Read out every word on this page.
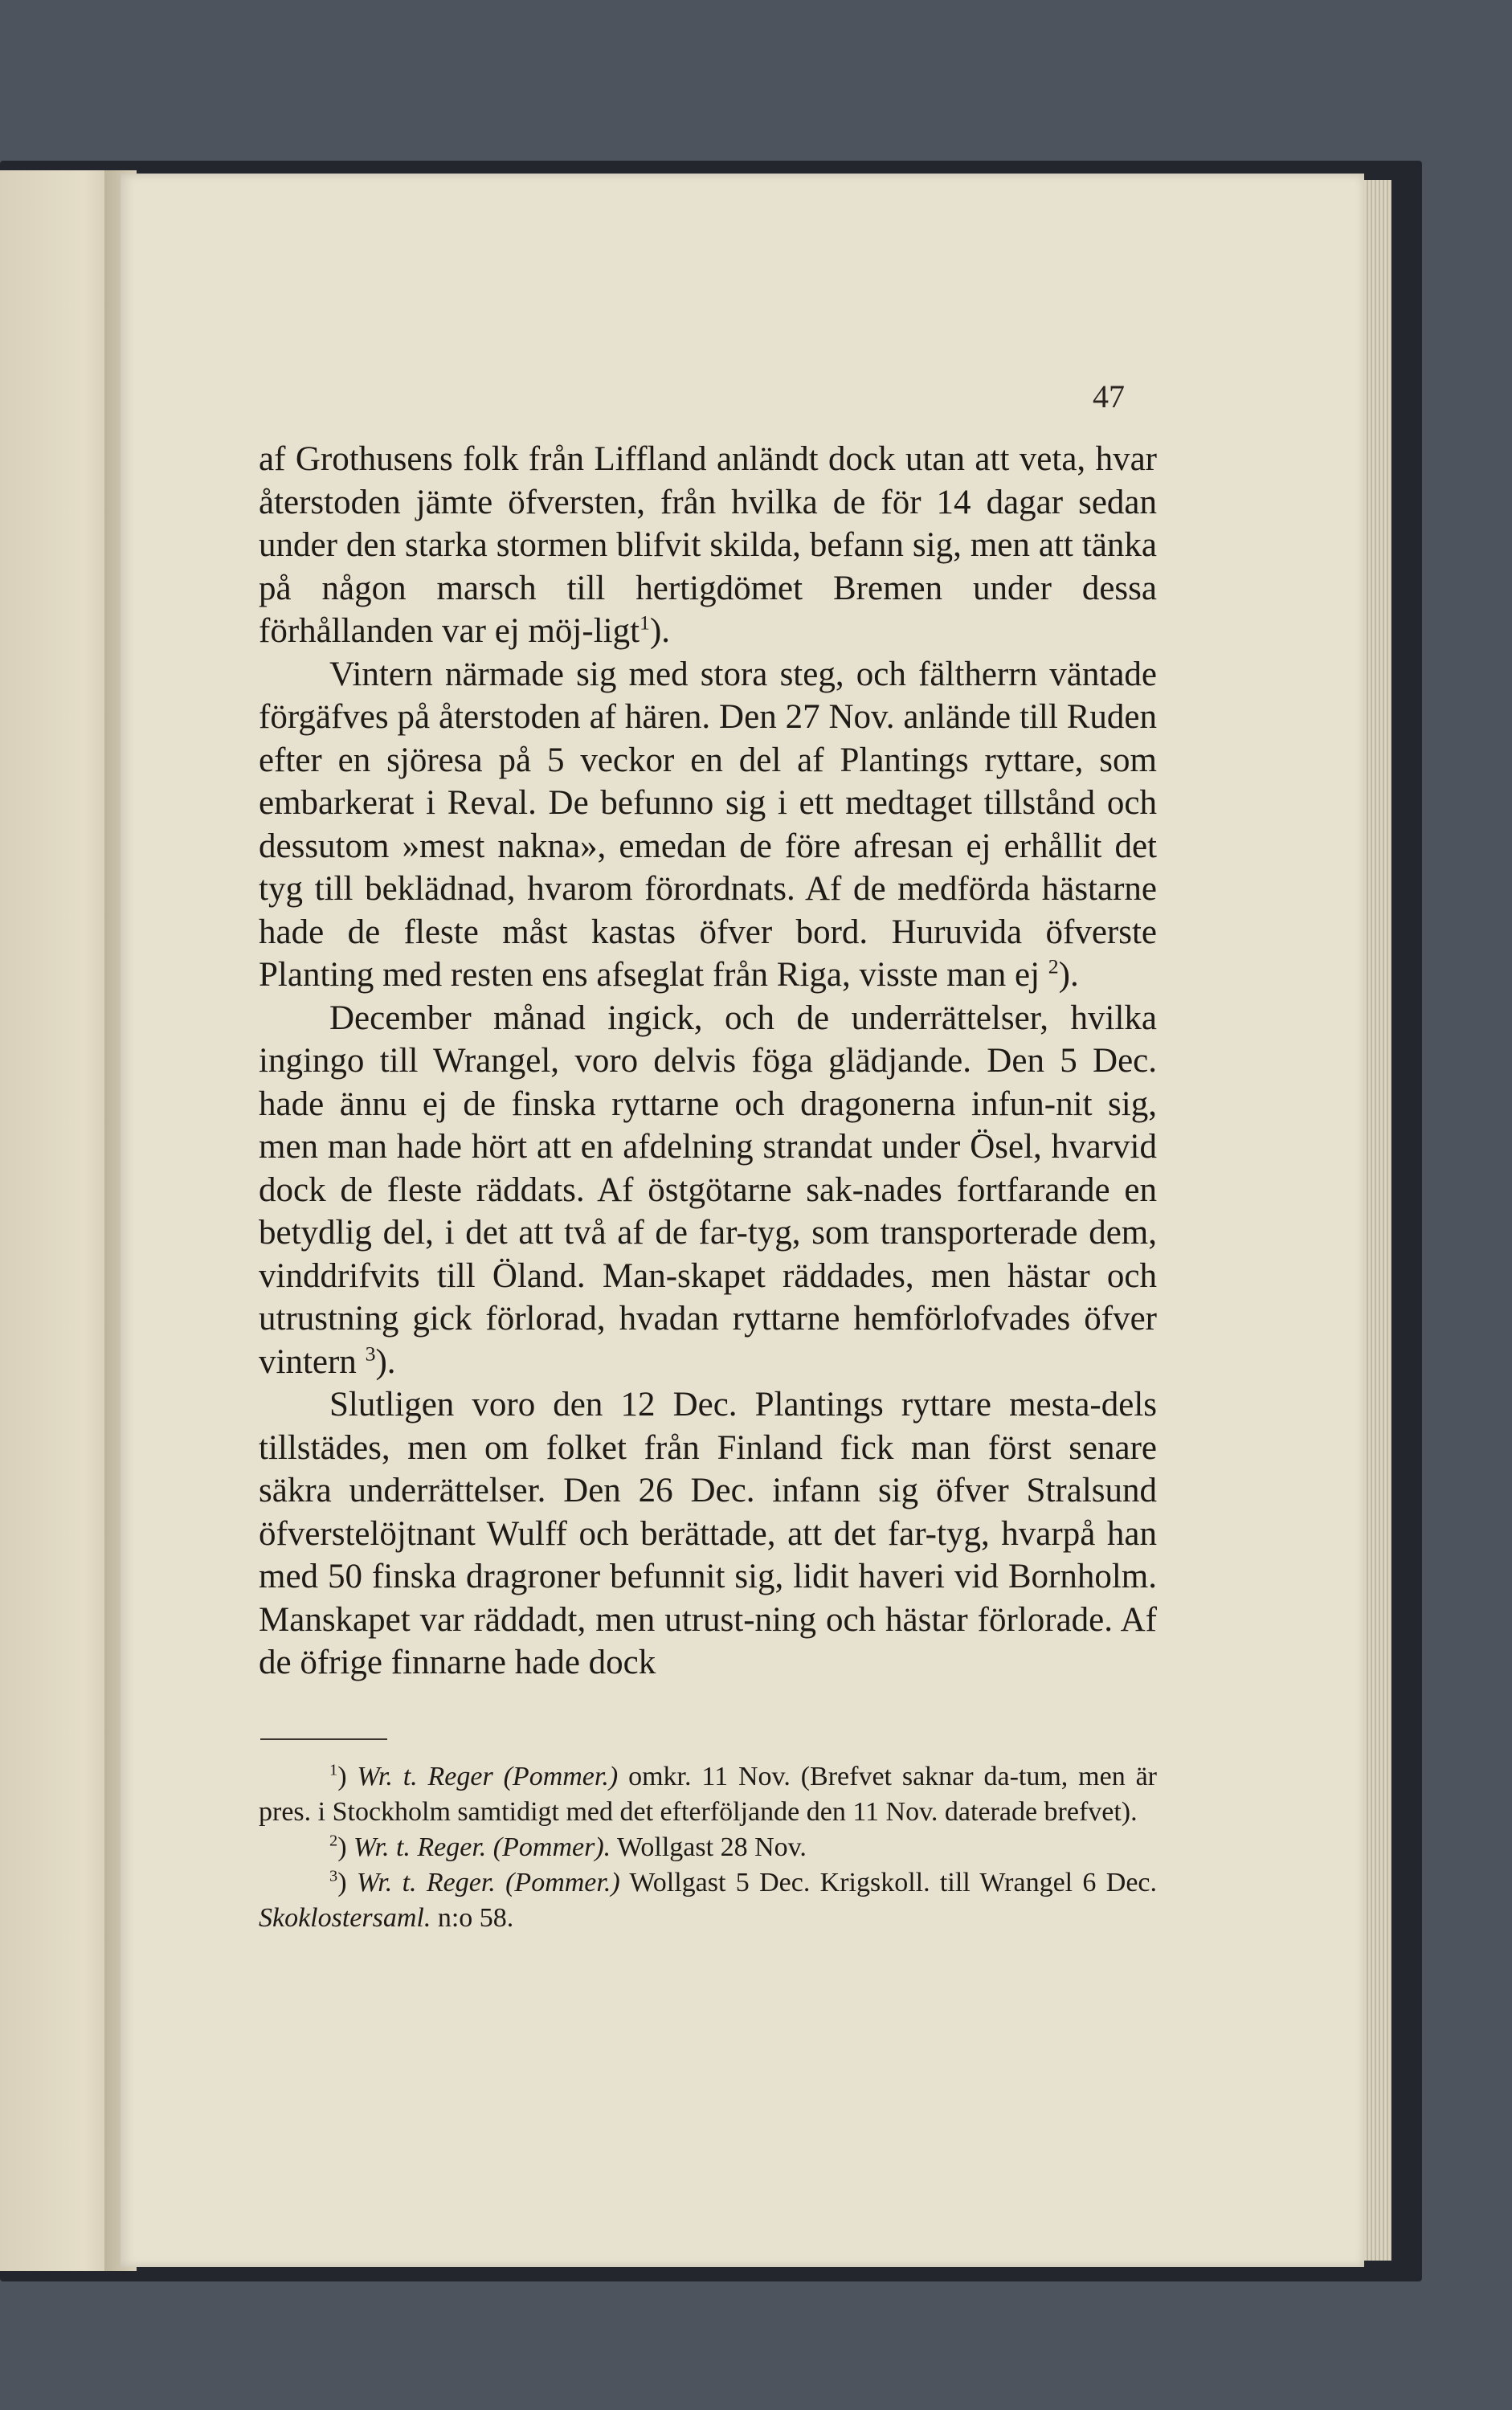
47

af Grothusens folk från Liffland anländt dock utan att veta, hvar återstoden jämte öfversten, från hvilka de för 14 dagar sedan under den starka stormen blifvit skilda, befann sig, men att tänka på någon marsch till hertigdömet Bremen under dessa förhållanden var ej möj-ligt$^1$).

Vintern närmade sig med stora steg, och fältherrn väntade förgäfves på återstoden af hären. Den 27 Nov. anlände till Ruden efter en sjöresa på 5 veckor en del af Plantings ryttare, som embarkerat i Reval. De befunno sig i ett medtaget tillstånd och dessutom »mest nakna», emedan de före afresan ej erhållit det tyg till beklädnad, hvarom förordnats. Af de medförda hästarne hade de fleste måst kastas öfver bord. Huruvida öfverste Planting med resten ens afseglat från Riga, visste man ej $^2$).

December månad ingick, och de underrättelser, hvilka ingingo till Wrangel, voro delvis föga glädjande. Den 5 Dec. hade ännu ej de finska ryttarne och dragonerna infun-nit sig, men man hade hört att en afdelning strandat under Ösel, hvarvid dock de fleste räddats. Af östgötarne sak-nades fortfarande en betydlig del, i det att två af de far-tyg, som transporterade dem, vinddrifvits till Öland. Man-skapet räddades, men hästar och utrustning gick förlorad, hvadan ryttarne hemförlofvades öfver vintern $^3$).

Slutligen voro den 12 Dec. Plantings ryttare mesta-dels tillstädes, men om folket från Finland fick man först senare säkra underrättelser. Den 26 Dec. infann sig öfver Stralsund öfverstelöjtnant Wulff och berättade, att det far-tyg, hvarpå han med 50 finska dragroner befunnit sig, lidit haveri vid Bornholm. Manskapet var räddadt, men utrust-ning och hästar förlorade. Af de öfrige finnarne hade dock

$^1$) Wr. t. Reger (Pommer.) omkr. 11 Nov. (Brefvet saknar da-tum, men är pres. i Stockholm samtidigt med det efterföljande den 11 Nov. daterade brefvet).

$^2$) Wr. t. Reger. (Pommer). Wollgast 28 Nov.

$^3$) Wr. t. Reger. (Pommer.) Wollgast 5 Dec. Krigskoll. till Wrangel 6 Dec. Skoklostersaml. n:o 58.
